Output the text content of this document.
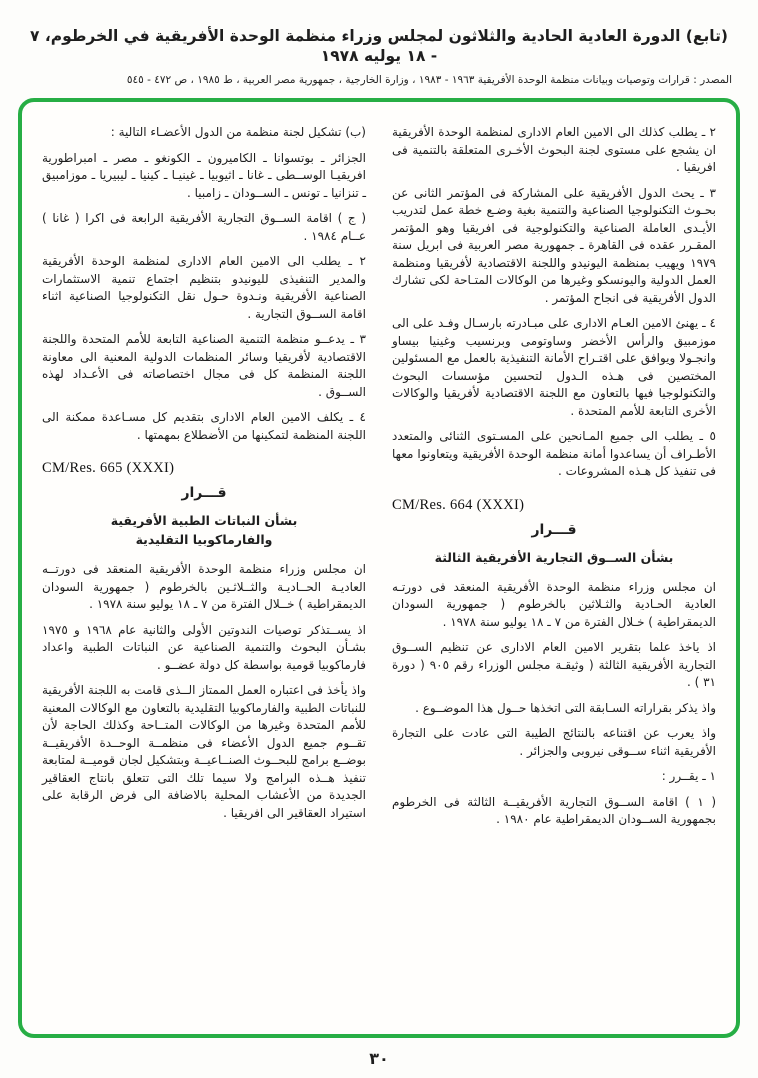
(تابع) الدورة العادية الحادية والثلاثون لمجلس وزراء منظمة الوحدة الأفريقية في الخرطوم، ٧ - ١٨ يوليه ١٩٧٨
المصدر : قرارات وتوصيات وبيانات منظمة الوحدة الأفريقية ١٩٦٣ - ١٩٨٣ ، وزارة الخارجية ، جمهورية مصر العربية ، ط ١٩٨٥ ، ص ٤٧٢ - ٥٤٥

٢ ـ يطلب كذلك الى الامين العام الادارى لمنظمة الوحدة الأفريقية ان يشجع على مستوى لجنة البحوث الأخـرى المتعلقة بالتنمية فى افريقيا .

٣ ـ يحث الدول الأفريقية على المشاركة فى المؤتمر الثانى عن بحـوث التكنولوجيا الصناعية والتنمية بغية وضـع خطة عمل لتدريب الأيـدى العاملة الصناعية والتكنولوجية فى افريقيا وهو المؤتمر المقـرر عقده فى القاهرة ـ جمهورية مصر العربية فى ابريل سنة ١٩٧٩ ويهيب بمنظمة اليونيدو واللجنة الاقتصادية لأفريقيا ومنظمة العمل الدولية واليونسكو وغيرها من الوكالات المتـاحة لكى تشارك الدول الأفريقية فى انجاح المؤتمر .

٤ ـ يهنئ الامين العـام الادارى على مبـادرته بارسـال وفـد على الى موزمبيق والرأس الأخضر وساوتومى وبرنسيب وغينيا بيساو وانجـولا ويوافق على اقتـراح الأمانة التنفيذية بالعمل مع المسئولين المختصين فى هـذه الـدول لتحسين مؤسسات البحوث والتكنولوجيا فيها بالتعاون مع اللجنة الاقتصادية لأفريقيا والوكالات الأخرى التابعة للأمم المتحدة .

٥ ـ يطلب الى جميع المـانحين على المسـتوى الثنائى والمتعدد الأطـراف أن يساعدوا أمانة منظمة الوحدة الأفريقية ويتعاونوا معها فى تنفيذ كل هـذه المشروعات .

CM/Res. 664 (XXXI)
قـــرار
بشأن الســوق التجارية الأفريقية الثالثة

ان مجلس وزراء منظمة الوحدة الأفريقية المنعقد فى دورتـه العادية الحـادية والثـلاثين بالخرطوم ( جمهورية السودان الديمقراطية ) خـلال الفترة من ٧ ـ ١٨ يوليو سنة ١٩٧٨ .

اذ ياخذ علما بتقرير الامين العام الادارى عن تنظيم الســوق التجارية الأفريقية الثالثة ( وثيقـة مجلس الوزراء رقم ٩٠٥ ( دورة ٣١ ) .

واذ يذكر بقراراته السـابقة التى اتخذها حــول هذا الموضــوع .

واذ يعرب عن اقتناعه بالنتائج الطيبة التى عادت على التجارة الأفريقية اثناء ســوقى نيروبى والجزائر .

١ ـ يقــرر :

( ١ ) اقامة الســوق التجارية الأفريقيــة الثالثة فى الخرطوم بجمهورية الســودان الديمقراطية عام ١٩٨٠ .

(ب) تشكيل لجنة منظمة من الدول الأعضـاء التالية :

الجزائر ـ بوتسوانا ـ الكاميرون ـ الكونغو ـ مصر ـ امبراطورية افريقيـا الوســطى ـ غانا ـ اثيوبيا ـ غينيـا ـ كينيا ـ ليبيريا ـ موزامبيق ـ تنزانيا ـ تونس ـ الســودان ـ زامبيا .

( ج ) اقامة الســوق التجارية الأفريقية الرابعة فى اكرا ( غانا ) عــام ١٩٨٤ .

٢ ـ يطلب الى الامين العام الادارى لمنظمة الوحدة الأفريقية والمدير التنفيذى لليونيدو بتنظيم اجتماع تنمية الاستثمارات الصناعية الأفريقية ونـدوة حـول نقل التكنولوجيا الصناعية اثناء اقامة الســوق التجارية .

٣ ـ يدعــو منظمة التنمية الصناعية التابعة للأمم المتحدة واللجنة الاقتصادية لأفريقيا وسائر المنظمات الدولية المعنية الى معاونة اللجنة المنظمة كل فى مجال اختصاصاته فى الأعـداد لهذه الســوق .

٤ ـ يكلف الامين العام الادارى بتقديم كل مسـاعدة ممكنة الى اللجنة المنظمة لتمكينها من الأضطلاع بمهمتها .

CM/Res. 665 (XXXI)
قـــرار
بشأن النباتات الطبية الأفريقية
والفارماكوبيا التقليدية

ان مجلس وزراء منظمة الوحدة الأفريقية المنعقد فى دورتــه العاديـة الحــاديـة والثــلاثـين بالخرطوم ( جمهورية السودان الديمقراطية ) خــلال الفترة من ٧ ـ ١٨ يوليو سنة ١٩٧٨ .

اذ يســتذكر توصيات الندوتين الأولى والثانية عام ١٩٦٨ و ١٩٧٥ بشـأن البحوث والتنمية الصناعية عن النباتات الطبية واعداد فارماكوبيا قومية بواسطة كل دولة عضــو .

واذ يأخذ فى اعتباره العمل الممتاز الــذى قامت به اللجنة الأفريقية للنباتات الطبية والفارماكوبيا التقليدية بالتعاون مع الوكالات المعنية للأمم المتحدة وغيرها من الوكالات المتــاحة وكذلك الحاجة لأن تقــوم جميع الدول الأعضاء فى منظمــة الوحــدة الأفريقيــة بوضــع برامج للبحــوث الصنــاعيــة وبتشكيل لجان قوميــة لمتابعة تنفيذ هــذه البرامج ولا سيما تلك التى تتعلق بانتاج العقاقير الجديدة من الأعشاب المحلية بالاضافة الى فرض الرقابة على استيراد العقاقير الى افريقيا .

٣٠
